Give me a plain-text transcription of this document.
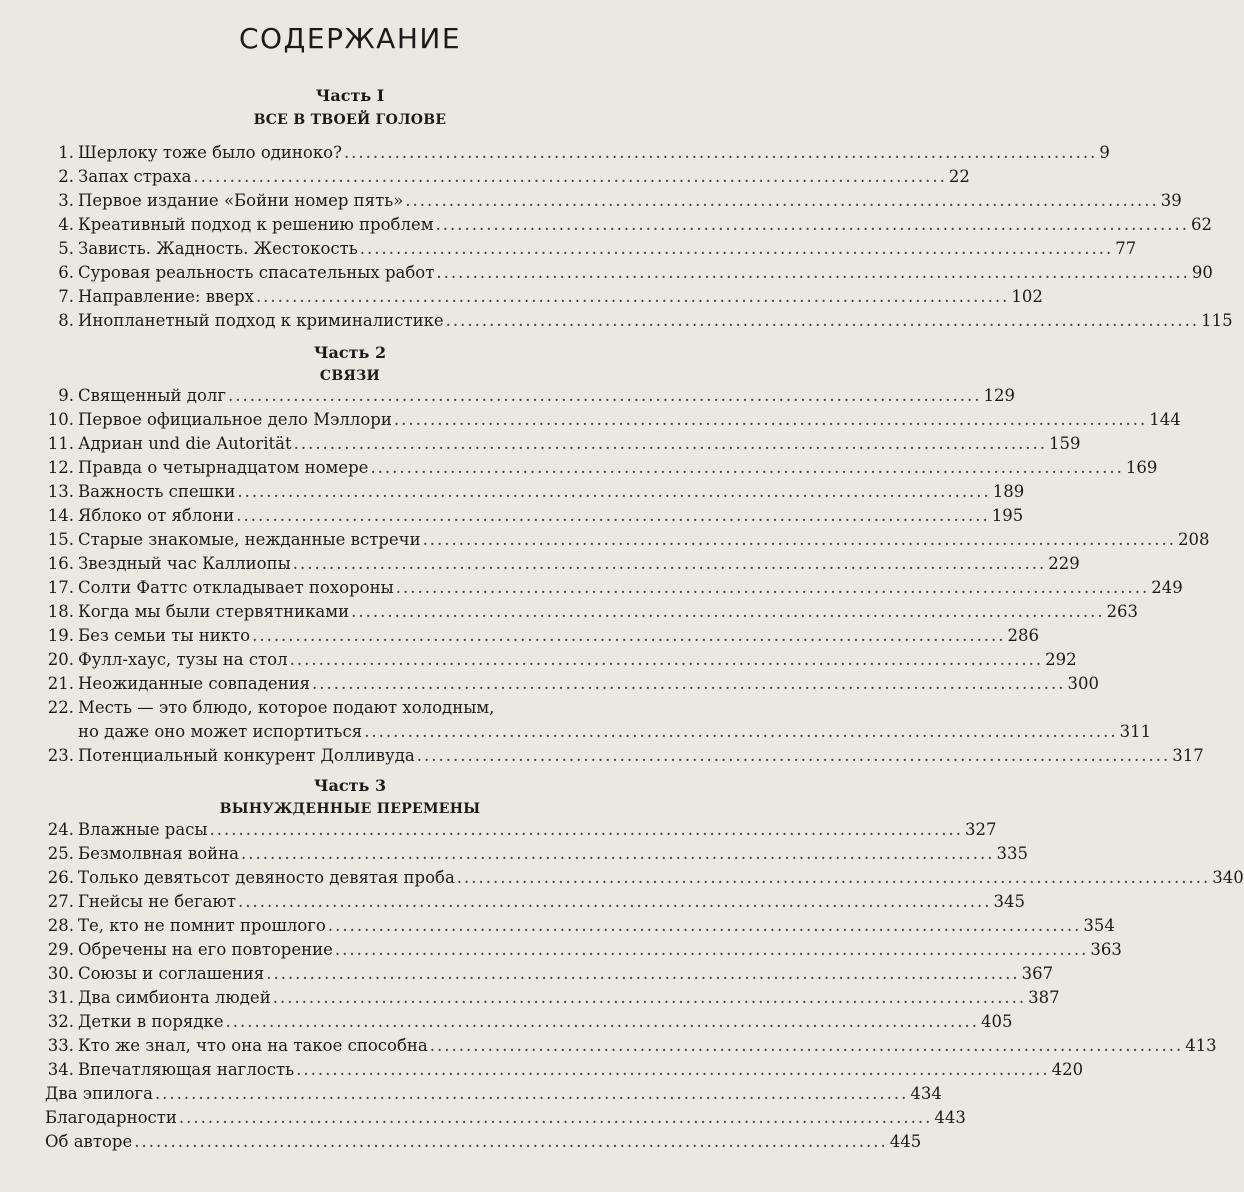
СОДЕРЖАНИЕ
Часть I
ВСЕ В ТВОЕЙ ГОЛОВЕ
1. Шерлоку тоже было одиноко? ........................................................................................................ 9
2. Запах страха ........................................................................................................ 22
3. Первое издание «Бойни номер пять» ........................................................................................................ 39
4. Креативный подход к решению проблем ........................................................................................................ 62
5. Зависть. Жадность. Жестокость ........................................................................................................ 77
6. Суровая реальность спасательных работ ........................................................................................................ 90
7. Направление: вверх ........................................................................................................ 102
8. Инопланетный подход к криминалистике ........................................................................................................ 115
Часть 2
СВЯЗИ
9. Священный долг ........................................................................................................ 129
10. Первое официальное дело Мэллори ........................................................................................................ 144
11. Адриан und die Autorität ........................................................................................................ 159
12. Правда о четырнадцатом номере ........................................................................................................ 169
13. Важность спешки ........................................................................................................ 189
14. Яблоко от яблони ........................................................................................................ 195
15. Старые знакомые, нежданные встречи ........................................................................................................ 208
16. Звездный час Каллиопы ........................................................................................................ 229
17. Солти Фаттс откладывает похороны ........................................................................................................ 249
18. Когда мы были стервятниками ........................................................................................................ 263
19. Без семьи ты никто ........................................................................................................ 286
20. Фулл-хаус, тузы на стол ........................................................................................................ 292
21. Неожиданные совпадения ........................................................................................................ 300
22. Месть — это блюдо, которое подают холодным,
но даже оно может испортиться ........................................................................................................ 311
23. Потенциальный конкурент Долливуда ........................................................................................................ 317
Часть 3
ВЫНУЖДЕННЫЕ ПЕРЕМЕНЫ
24. Влажные расы ........................................................................................................ 327
25. Безмолвная война ........................................................................................................ 335
26. Только девятьсот девяносто девятая проба ........................................................................................................ 340
27. Гнейсы не бегают ........................................................................................................ 345
28. Те, кто не помнит прошлого ........................................................................................................ 354
29. Обречены на его повторение ........................................................................................................ 363
30. Союзы и соглашения ........................................................................................................ 367
31. Два симбионта людей ........................................................................................................ 387
32. Детки в порядке ........................................................................................................ 405
33. Кто же знал, что она на такое способна ........................................................................................................ 413
34. Впечатляющая наглость ........................................................................................................ 420
Два эпилога ........................................................................................................ 434
Благодарности ........................................................................................................ 443
Об авторе ........................................................................................................ 445
